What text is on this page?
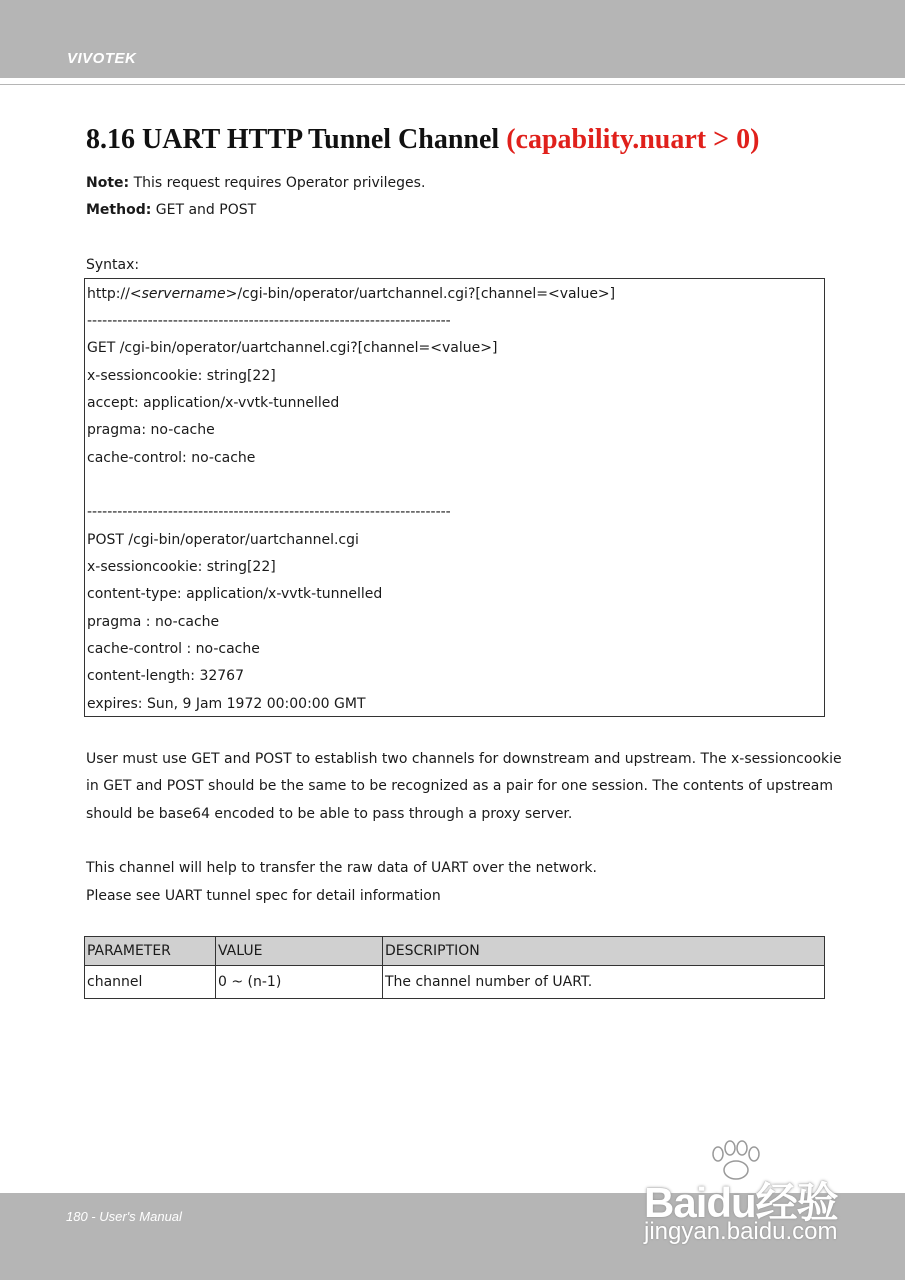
VIVOTEK
8.16 UART HTTP Tunnel Channel (capability.nuart > 0)
Note: This request requires Operator privileges.
Method: GET and POST
Syntax:
http://<servername>/cgi-bin/operator/uartchannel.cgi?[channel=<value>]
------------------------------------------------------------------------
GET /cgi-bin/operator/uartchannel.cgi?[channel=<value>]
x-sessioncookie: string[22]
accept: application/x-vvtk-tunnelled
pragma: no-cache
cache-control: no-cache
------------------------------------------------------------------------
POST /cgi-bin/operator/uartchannel.cgi
x-sessioncookie: string[22]
content-type: application/x-vvtk-tunnelled
pragma : no-cache
cache-control : no-cache
content-length: 32767
expires: Sun, 9 Jam 1972 00:00:00 GMT
User must use GET and POST to establish two channels for downstream and upstream. The x-sessioncookie
in GET and POST should be the same to be recognized as a pair for one session. The contents of upstream
should be base64 encoded to be able to pass through a proxy server.
This channel will help to transfer the raw data of UART over the network.
Please see UART tunnel spec for detail information
PARAMETER	VALUE	DESCRIPTION
channel	0 ~ (n-1)	The channel number of UART.
180 - User's Manual	Baidu经验
jingyan.baidu.com
